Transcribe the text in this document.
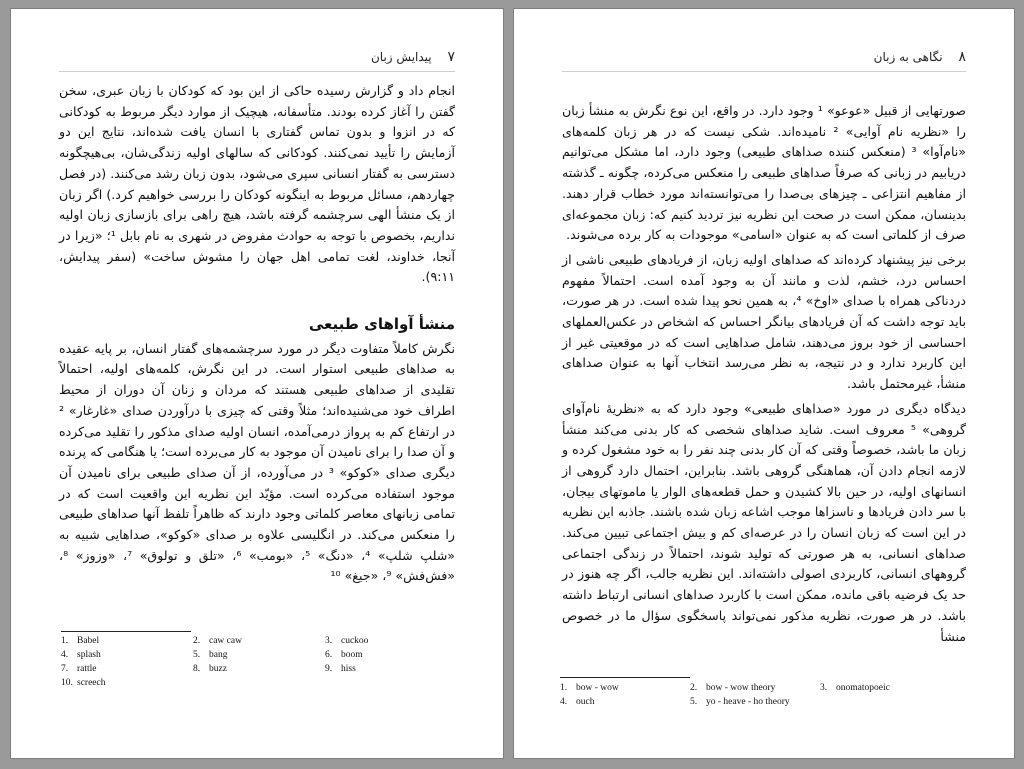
٧ پیدایش زبان

انجام داد و گزارش رسیده حاکی از این بود که کودکان با زبان عبری، سخن گفتن را آغاز کرده بودند. متأسفانه، هیچیک از موارد دیگر مربوط به کودکانی که در انزوا و بدون تماس گفتاری با انسان یافت شده‌اند، نتایج این دو آزمایش را تأیید نمی‌کنند. کودکانی که سالهای اولیه زندگی‌شان، بی‌هیچگونه دسترسی به گفتار انسانی سپری می‌شود، بدون زبان رشد می‌کنند. (در فصل چهاردهم، مسائل مربوط به اینگونه کودکان را بررسی خواهیم کرد.) اگر زبان از یک منشأ الهی سرچشمه گرفته باشد، هیچ راهی برای بازسازی زبان اولیه نداریم، بخصوص با توجه به حوادث مفروض در شهری به نام بابل ¹؛ «زیرا در آنجا، خداوند، لغت تمامی اهل جهان را مشوش ساخت» (سفر پیدایش، ۹:۱۱).

منشأ آواهای طبیعی

نگرش کاملاً متفاوت دیگر در مورد سرچشمه‌های گفتار انسان، بر پایه عقیده به صداهای طبیعی استوار است. در این نگرش، کلمه‌های اولیه، احتمالاً تقلیدی از صداهای طبیعی هستند که مردان و زنان آن دوران از محیط اطراف خود می‌شنیده‌اند؛ مثلاً وقتی که چیزی با درآوردن صدای «غارغار» ² در ارتفاع کم به پرواز درمی‌آمده، انسان اولیه صدای مذکور را تقلید می‌کرده و آن صدا را برای نامیدن آن موجود به کار می‌برده است؛ یا هنگامی که پرنده دیگری صدای «کوکو» ³ در می‌آورده، از آن صدای طبیعی برای نامیدن آن موجود استفاده می‌کرده است. مؤیّد این نظریه این واقعیت است که در تمامی زبانهای معاصر کلماتی وجود دارند که ظاهراً تلفظ آنها صداهای طبیعی را منعکس می‌کند. در انگلیسی علاوه بر صدای «کوکو»، صداهایی شبیه به «شلپ شلپ» ⁴، «دنگ» ⁵، «بومب» ⁶، «تلق و تولوق» ⁷، «وزوز» ⁸، «فش‌فش» ⁹، «جیغ» ¹⁰

1. Babel	2. caw caw	3. cuckoo
4. splash	5. bang	6. boom
7. rattle	8. buzz	9. hiss
10. screech
٨ نگاهی به زبان

صورتهایی از قبیل «عوعو» ¹ وجود دارد. در واقع، این نوع نگرش به منشأ زبان را «نظریه نام آوایی» ² نامیده‌اند. شکی نیست که در هر زبان کلمه‌های «نام‌آوا» ³ (منعکس کننده صداهای طبیعی) وجود دارد، اما مشکل می‌توانیم دریابیم در زبانی که صرفاً صداهای طبیعی را منعکس می‌کرده، چگونه ـ گذشته از مفاهیم انتزاعی ـ چیزهای بی‌صدا را می‌توانسته‌اند مورد خطاب قرار دهند. بدینسان، ممکن است در صحت این نظریه نیز تردید کنیم که: زبان مجموعه‌ای صرف از کلماتی است که به عنوان «اسامی» موجودات به کار برده می‌شوند.

برخی نیز پیشنهاد کرده‌اند که صداهای اولیه زبان، از فریادهای طبیعی ناشی از احساس درد، خشم، لذت و مانند آن به وجود آمده است. احتمالاً مفهوم دردناکی همراه با صدای «اوخ» ⁴، به همین نحو پیدا شده است. در هر صورت، باید توجه داشت که آن فریادهای بیانگر احساس که اشخاص در عکس‌العملهای احساسی از خود بروز می‌دهند، شامل صداهایی است که در موقعیتی غیر از این کاربرد ندارد و در نتیجه، به نظر می‌رسد انتخاب آنها به عنوان صداهای منشأ، غیرمحتمل باشد.

دیدگاه دیگری در مورد «صداهای طبیعی» وجود دارد که به «نظریهٔ نام‌آوای گروهی» ⁵ معروف است. شاید صداهای شخصی که کار بدنی می‌کند منشأ زبان ما باشد، خصوصاً وقتی که آن کار بدنی چند نفر را به خود مشغول کرده و لازمه انجام دادن آن، هماهنگی گروهی باشد. بنابراین، احتمال دارد گروهی از انسانهای اولیه، در حین بالا کشیدن و حمل قطعه‌های الوار یا ماموتهای بیجان، با سر دادن فریادها و ناسزاها موجب اشاعه زبان شده باشند. جاذبه این نظریه در این است که زبان انسان را در عرصه‌ای کم و بیش اجتماعی تبیین می‌کند. صداهای انسانی، به هر صورتی که تولید شوند، احتمالاً در زندگی اجتماعی گروههای انسانی، کاربردی اصولی داشته‌اند. این نظریه جالب، اگر چه هنوز در حد یک فرضیه باقی مانده، ممکن است با کاربرد صداهای انسانی ارتباط داشته باشد. در هر صورت، نظریه مذکور نمی‌تواند پاسخگوی سؤال ما در خصوص منشأ

1. bow - wow	2. bow - wow theory	3. onomatopoeic
4. ouch	5. yo - heave - ho theory
